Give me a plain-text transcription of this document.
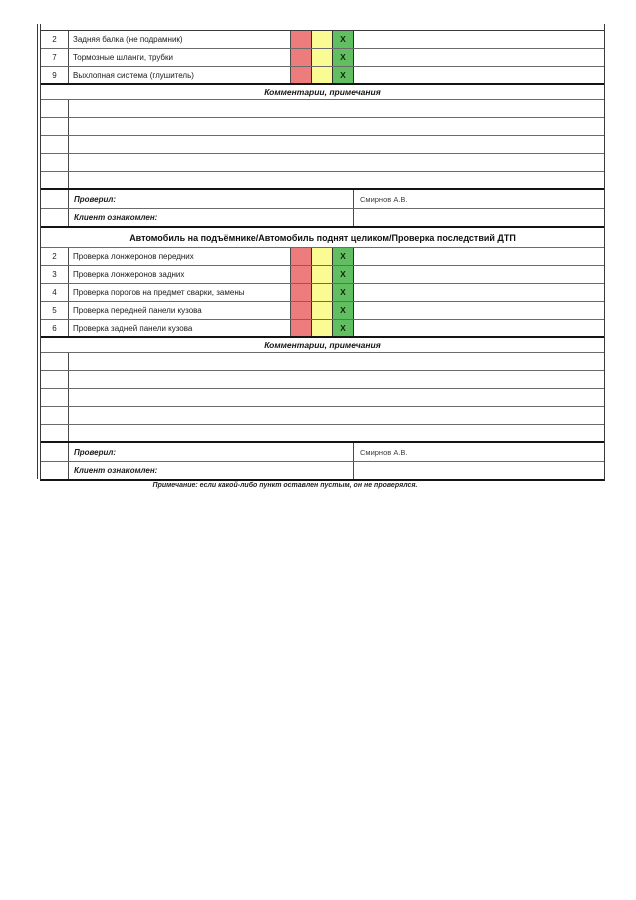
2	Задняя балка (не подрамник)	X
7	Тормозные шланги, трубки	X
9	Выхлопная система (глушитель)	X
Комментарии, примечания
Проверил:	Смирнов А.В.
Клиент ознакомлен:
Автомобиль на подъёмнике/Автомобиль поднят целиком/Проверка последствий ДТП
2	Проверка лонжеронов передних	X
3	Проверка лонжеронов задних	X
4	Проверка порогов на предмет сварки, замены	X
5	Проверка передней панели кузова	X
6	Проверка задней панели кузова	X
Комментарии, примечания
Проверил:	Смирнов А.В.
Клиент ознакомлен:
Примечание: если какой-либо пункт оставлен пустым, он не проверялся.
